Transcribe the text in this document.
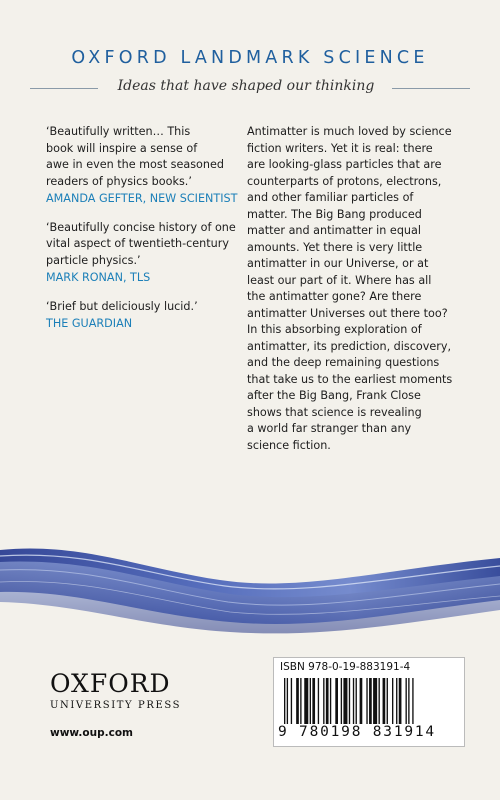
OXFORD LANDMARK SCIENCE
Ideas that have shaped our thinking

‘Beautifully written… This
book will inspire a sense of
awe in even the most seasoned
readers of physics books.’

AMANDA GEFTER, NEW SCIENTIST

‘Beautifully concise history of one
vital aspect of twentieth-century
particle physics.’

MARK RONAN, TLS

‘Brief but deliciously lucid.’

THE GUARDIAN

Antimatter is much loved by science
fiction writers. Yet it is real: there
are looking-glass particles that are
counterparts of protons, electrons,
and other familiar particles of
matter. The Big Bang produced
matter and antimatter in equal
amounts. Yet there is very little
antimatter in our Universe, or at
least our part of it. Where has all
the antimatter gone? Are there
antimatter Universes out there too?
In this absorbing exploration of
antimatter, its prediction, discovery,
and the deep remaining questions
that take us to the earliest moments
after the Big Bang, Frank Close
shows that science is revealing
a world far stranger than any
science fiction.

OXFORD
UNIVERSITY PRESS
www.oup.com
ISBN 978-0-19-883191-4
9 780198 831914
